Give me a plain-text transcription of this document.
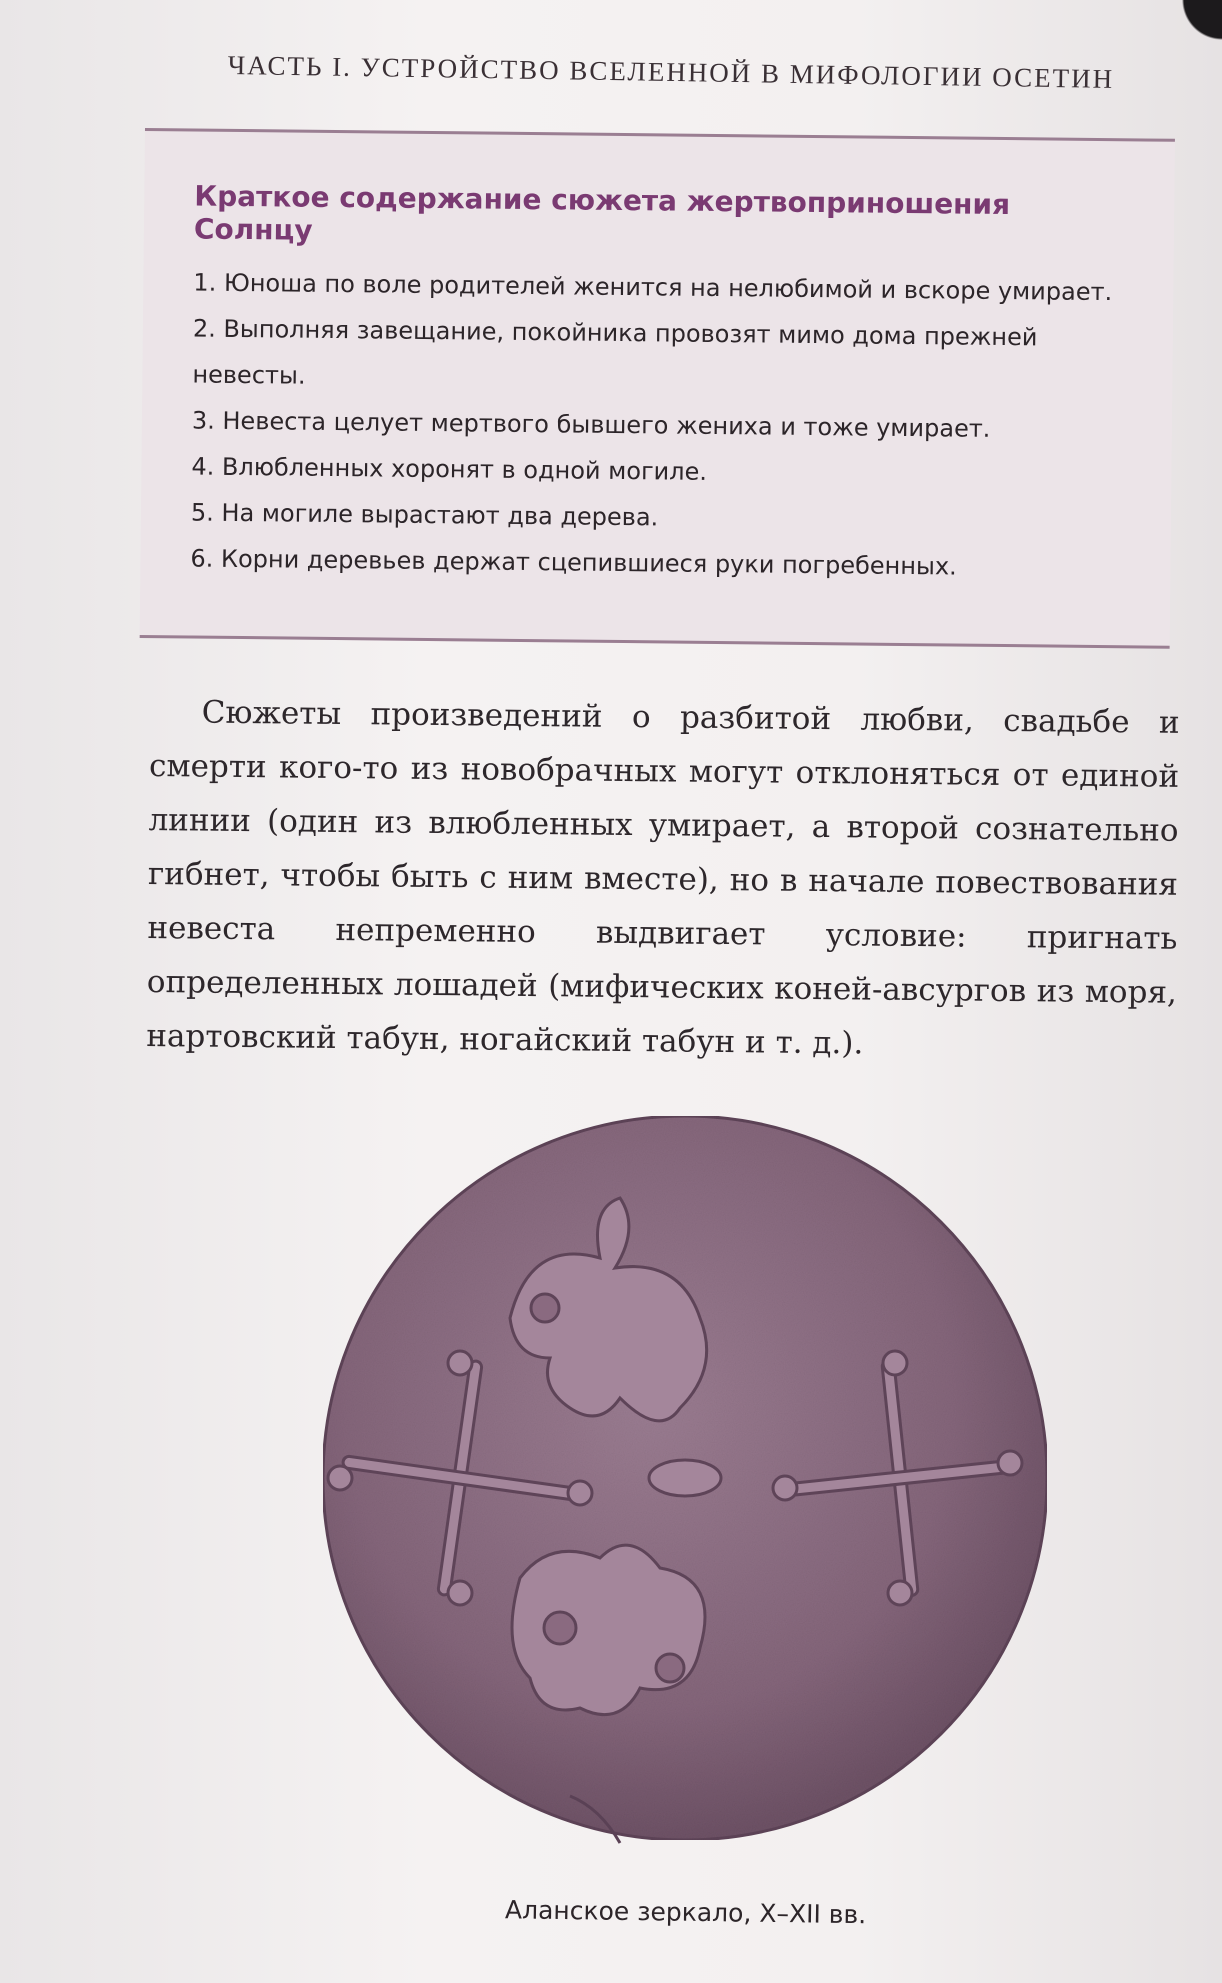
ЧАСТЬ I. УСТРОЙСТВО ВСЕЛЕННОЙ В МИФОЛОГИИ ОСЕТИН
Краткое содержание сюжета жертвоприношения Солнцу
1. Юноша по воле родителей женится на нелюбимой и вскоре умирает.
2. Выполняя завещание, покойника провозят мимо дома прежней невесты.
3. Невеста целует мертвого бывшего жениха и тоже умирает.
4. Влюбленных хоронят в одной могиле.
5. На могиле вырастают два дерева.
6. Корни деревьев держат сцепившиеся руки погребенных.

Сюжеты произведений о разбитой любви, свадьбе и смерти кого-то из новобрачных могут отклоняться от единой линии (один из влюбленных умирает, а второй сознательно гибнет, чтобы быть с ним вместе), но в начале повествования невеста непременно выдвигает условие: пригнать определенных лошадей (мифических коней-авсургов из моря, нартовский табун, ногайский табун и т. д.).

Аланское зеркало, X–XII вв.
